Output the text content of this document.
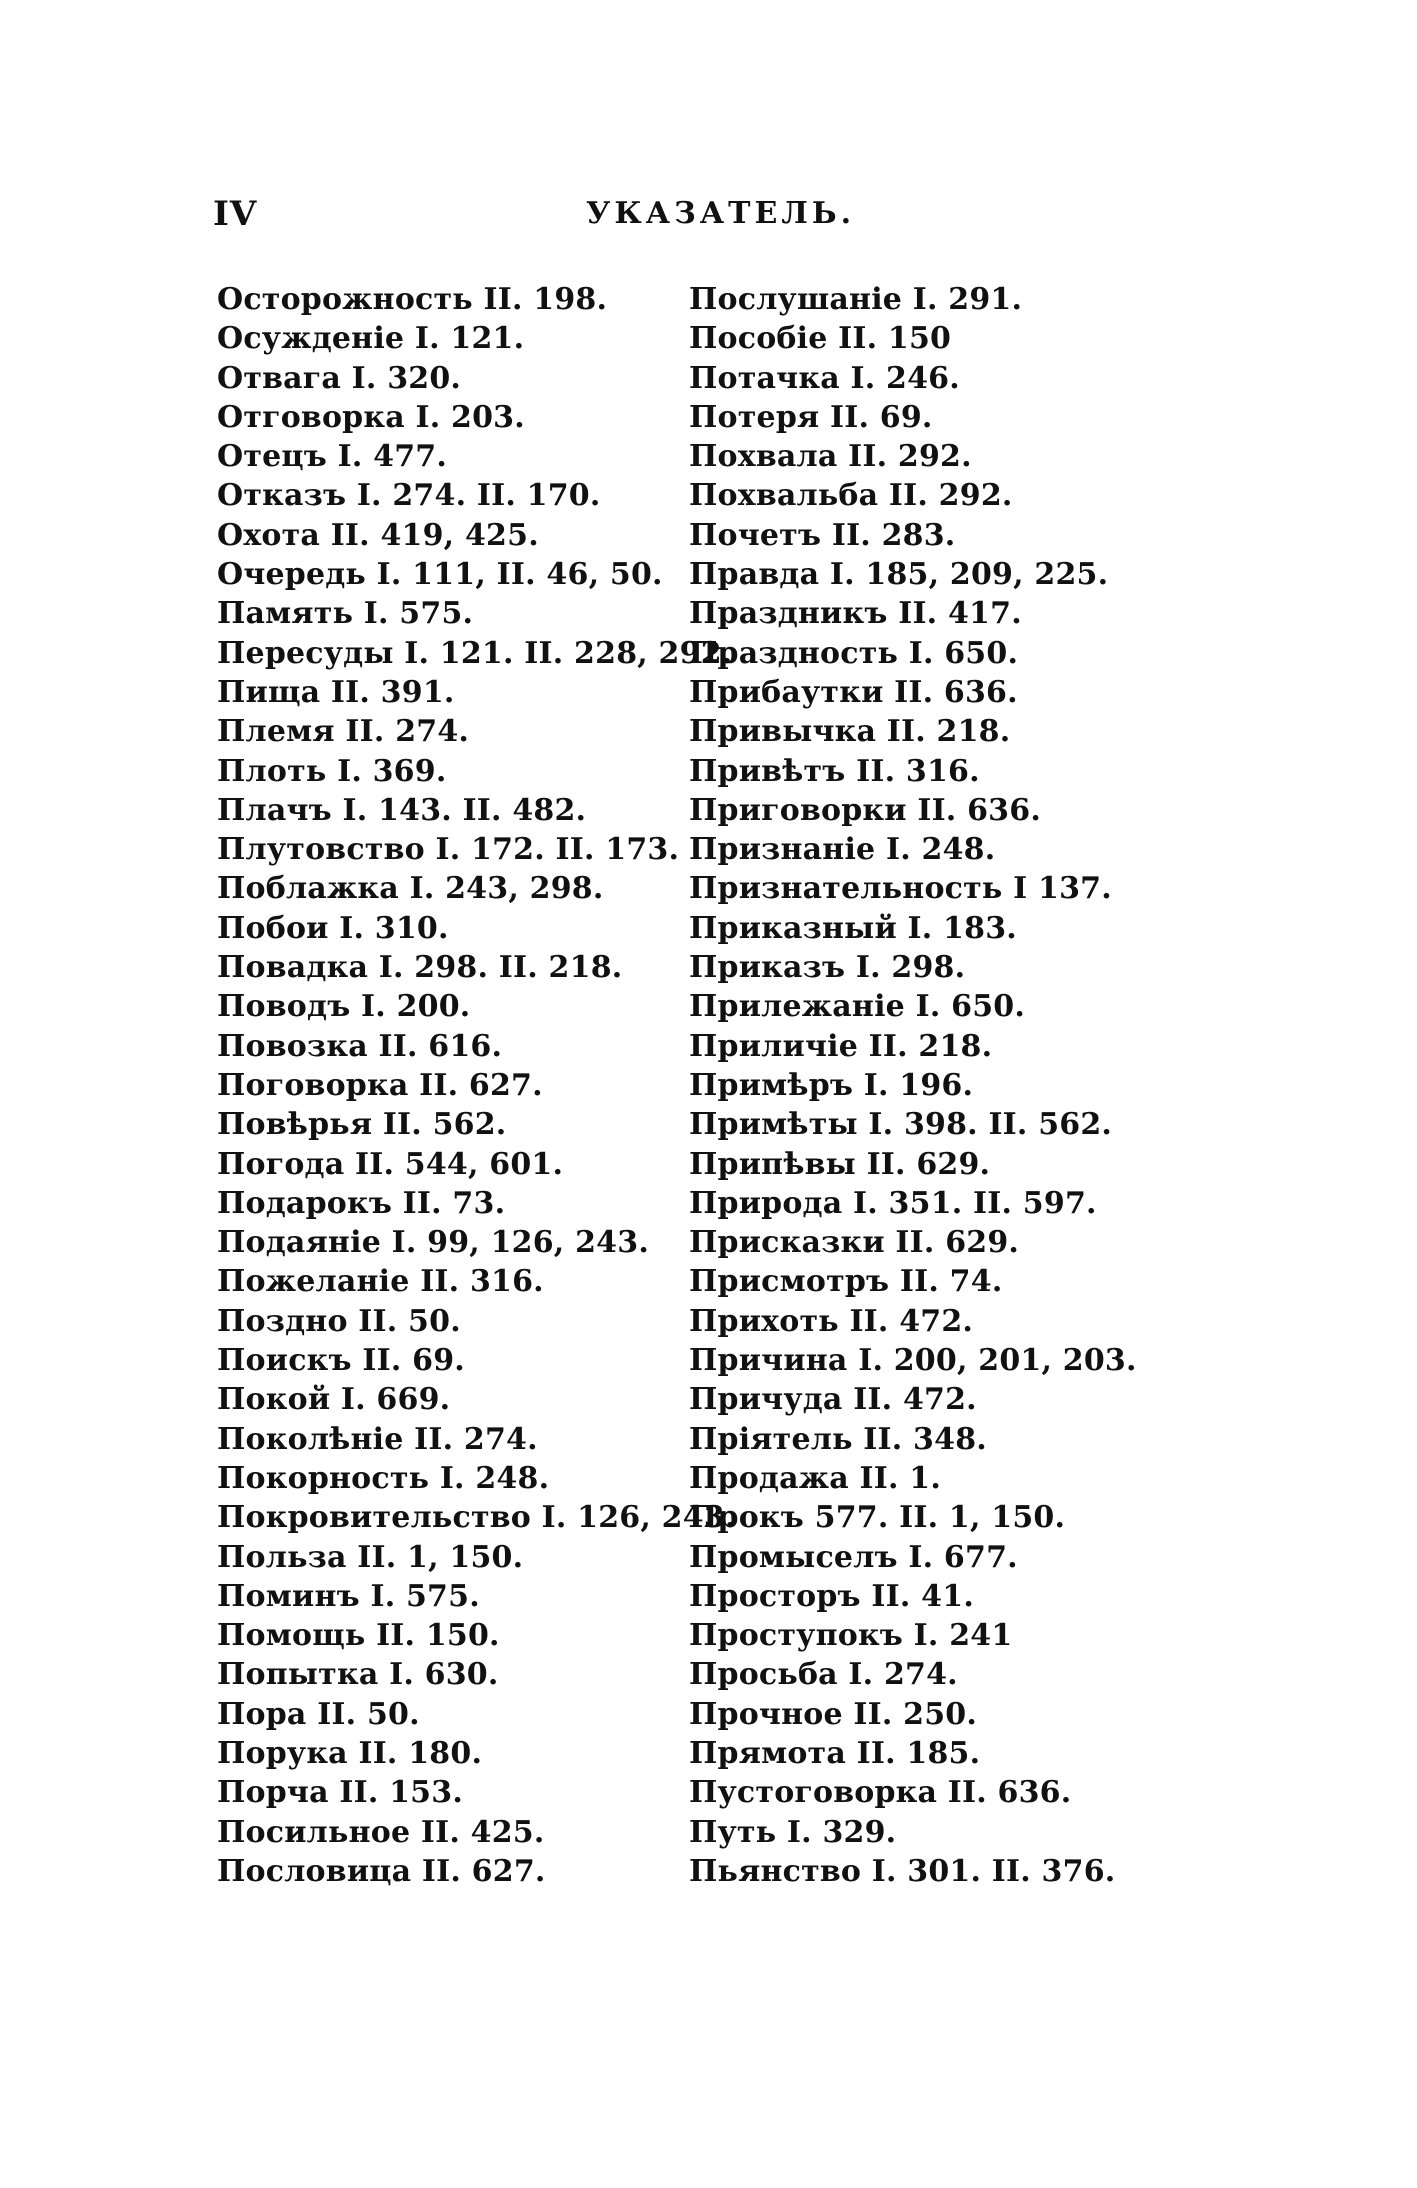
IV	УКАЗАТЕЛЬ.
Осторожность II. 198.
Осужденіе I. 121.
Отвага I. 320.
Отговорка I. 203.
Отецъ I. 477.
Отказъ I. 274. II. 170.
Охота II. 419, 425.
Очередь I. 111, II. 46, 50.
Память I. 575.
Пересуды I. 121. II. 228, 292.
Пища II. 391.
Племя II. 274.
Плоть I. 369.
Плачъ I. 143. II. 482.
Плутовство I. 172. II. 173.
Поблажка I. 243, 298.
Побои I. 310.
Повадка I. 298. II. 218.
Поводъ I. 200.
Повозка II. 616.
Поговорка II. 627.
Повѣрья II. 562.
Погода II. 544, 601.
Подарокъ II. 73.
Подаяніе I. 99, 126, 243.
Пожеланіе II. 316.
Поздно II. 50.
Поискъ II. 69.
Покой I. 669.
Поколѣніе II. 274.
Покорность I. 248.
Покровительство I. 126, 243.
Польза II. 1, 150.
Поминъ I. 575.
Помощь II. 150.
Попытка I. 630.
Пора II. 50.
Порука II. 180.
Порча II. 153.
Посильное II. 425.
Пословица II. 627.
Послушаніе I. 291.
Пособіе II. 150
Потачка I. 246.
Потеря II. 69.
Похвала II. 292.
Похвальба II. 292.
Почетъ II. 283.
Правда I. 185, 209, 225.
Праздникъ II. 417.
Праздность I. 650.
Прибаутки II. 636.
Привычка II. 218.
Привѣтъ II. 316.
Приговорки II. 636.
Признаніе I. 248.
Признательность I 137.
Приказный I. 183.
Приказъ I. 298.
Прилежаніе I. 650.
Приличіе II. 218.
Примѣръ I. 196.
Примѣты I. 398. II. 562.
Припѣвы II. 629.
Природа I. 351. II. 597.
Присказки II. 629.
Присмотръ II. 74.
Прихоть II. 472.
Причина I. 200, 201, 203.
Причуда II. 472.
Пріятель II. 348.
Продажа II. 1.
Прокъ 577. II. 1, 150.
Промыселъ I. 677.
Просторъ II. 41.
Проступокъ I. 241
Просьба I. 274.
Прочное II. 250.
Прямота II. 185.
Пустоговорка II. 636.
Путь I. 329.
Пьянство I. 301. II. 376.
